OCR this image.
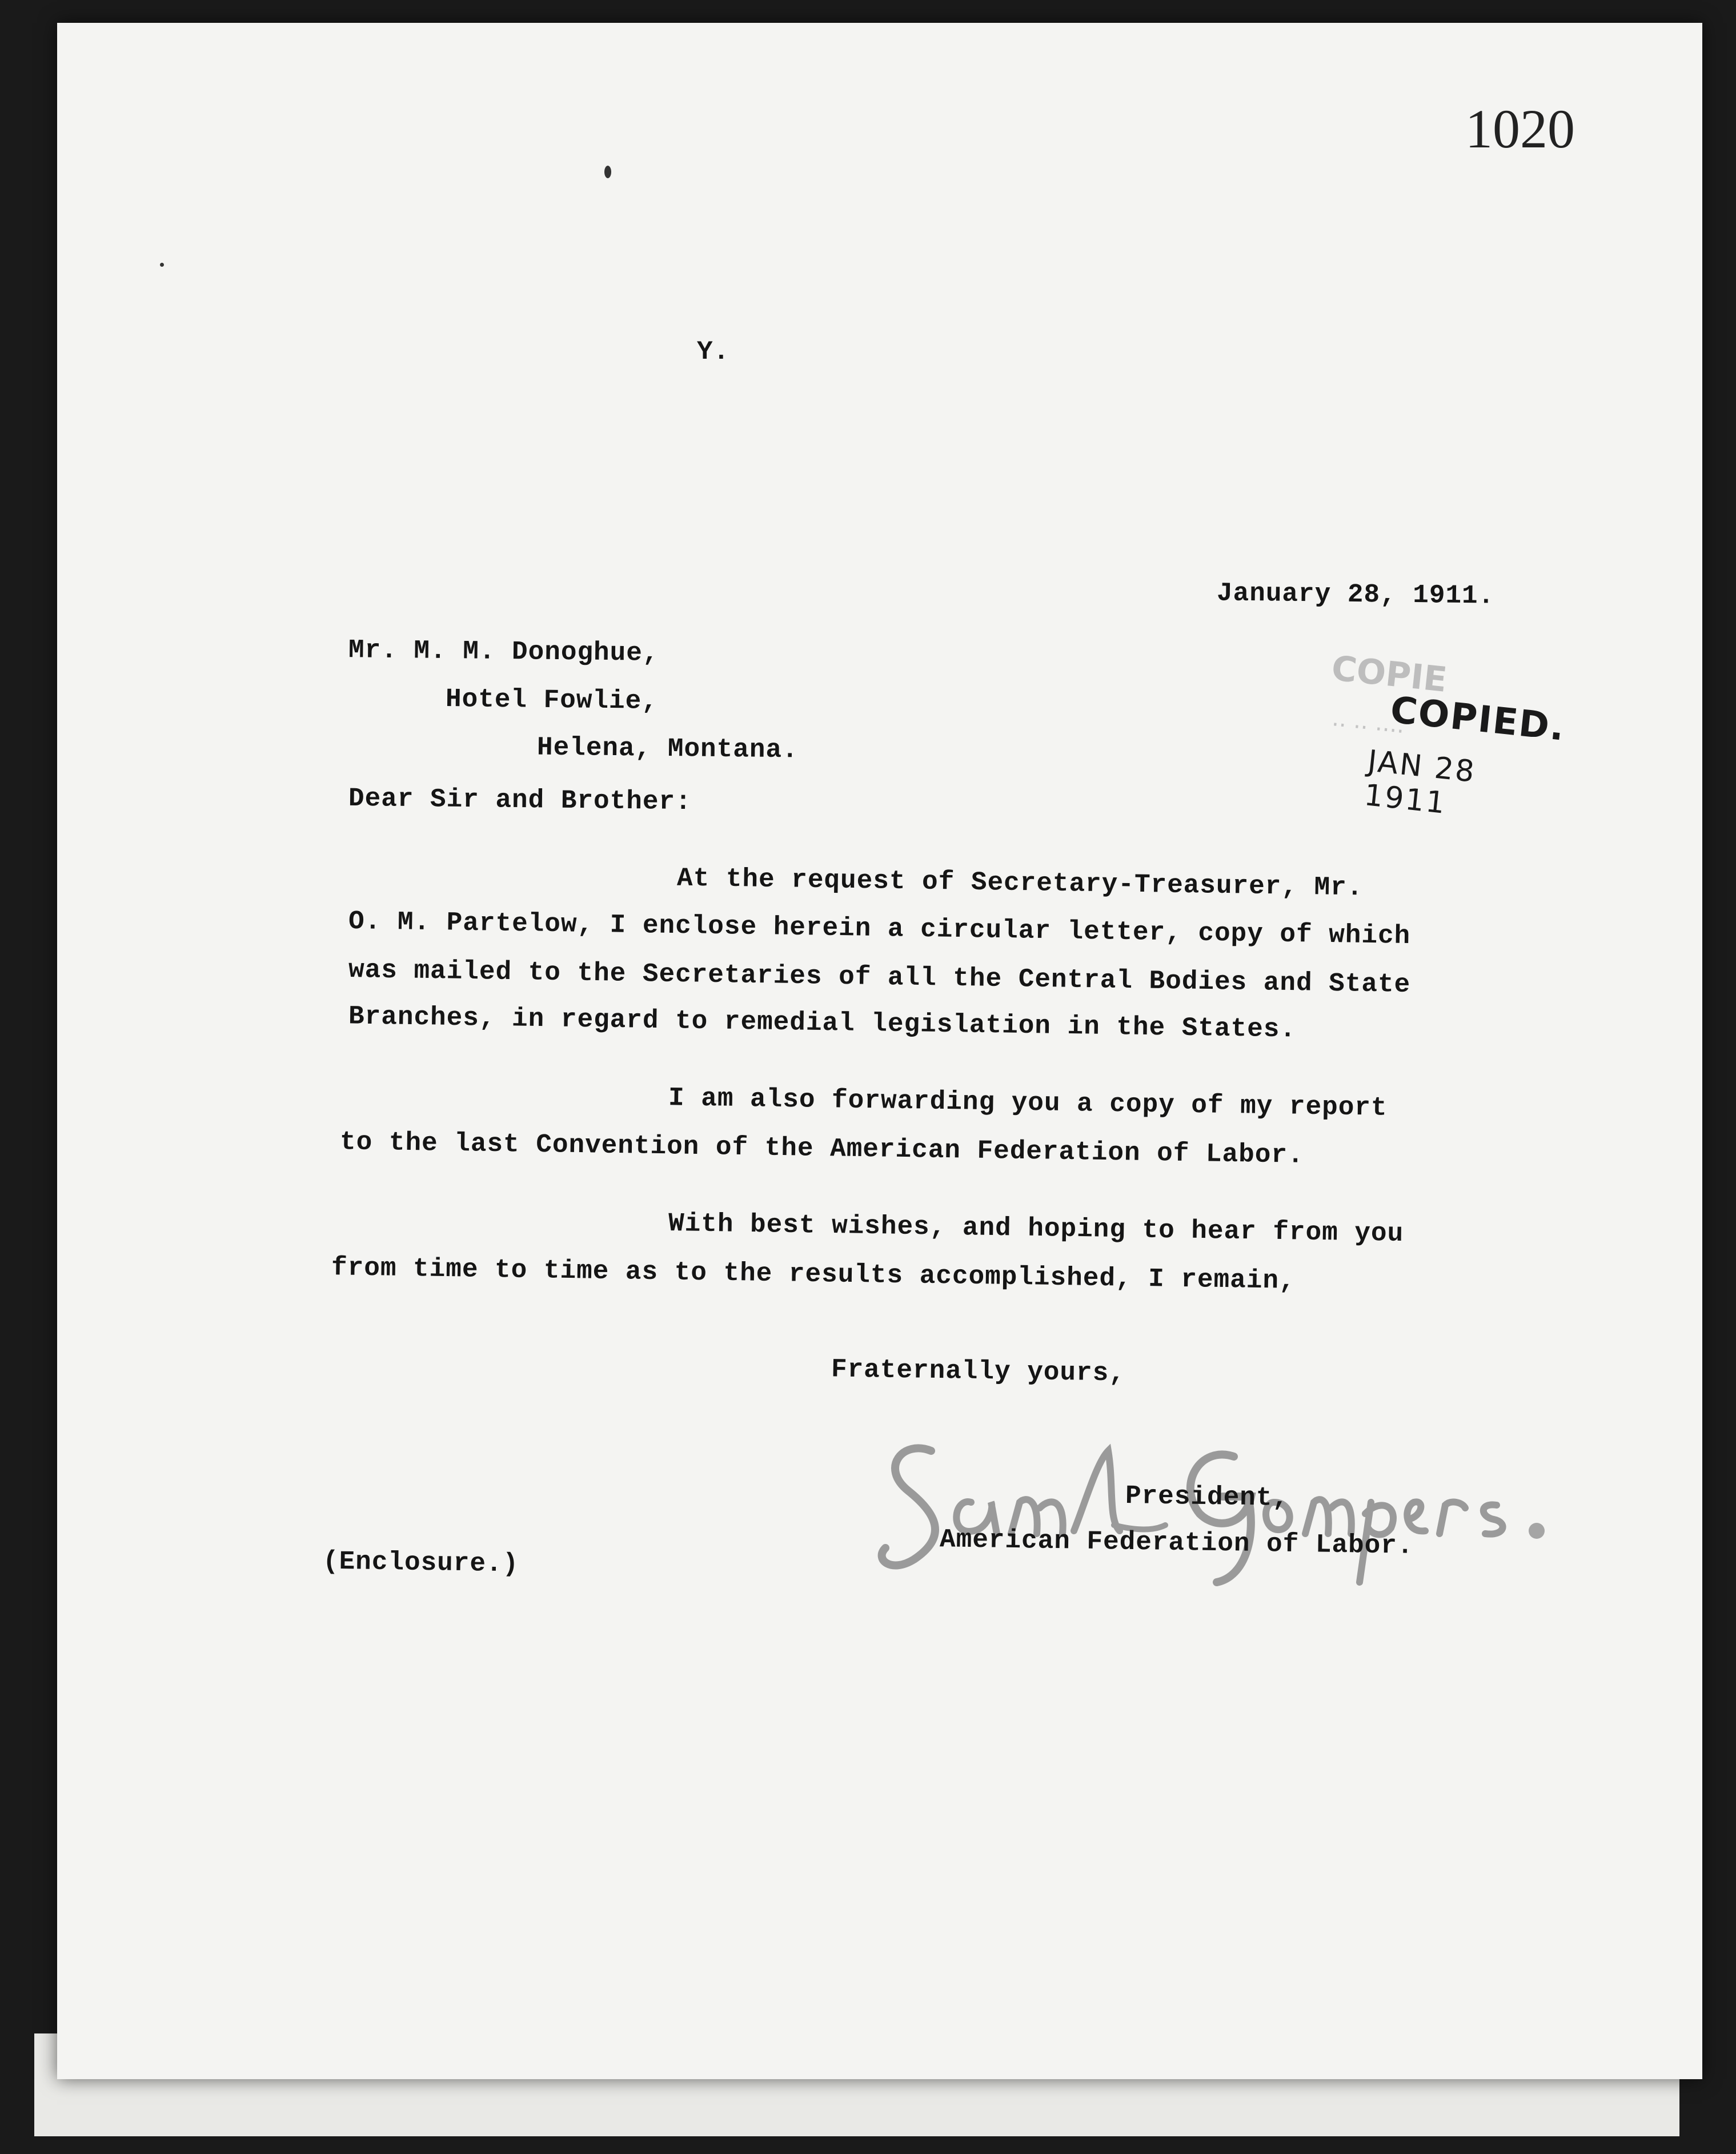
1020
Y.
January 28, 1911.
Mr. M. M. Donoghue,
Hotel Fowlie,
Helena, Montana.
Dear Sir and Brother:
At the request of Secretary-Treasurer, Mr.
O. M. Partelow, I enclose herein a circular letter, copy of which
was mailed to the Secretaries of all the Central Bodies and State
Branches, in regard to remedial legislation in the States.
I am also forwarding you a copy of my report
to the last Convention of the American Federation of Labor.
With best wishes, and hoping to hear from you
from time to time as to the results accomplished, I remain,
Fraternally yours,
President,
American Federation of Labor.
(Enclosure.)
COPIE
·· ·· ····
COPIED.
JAN 28 1911
